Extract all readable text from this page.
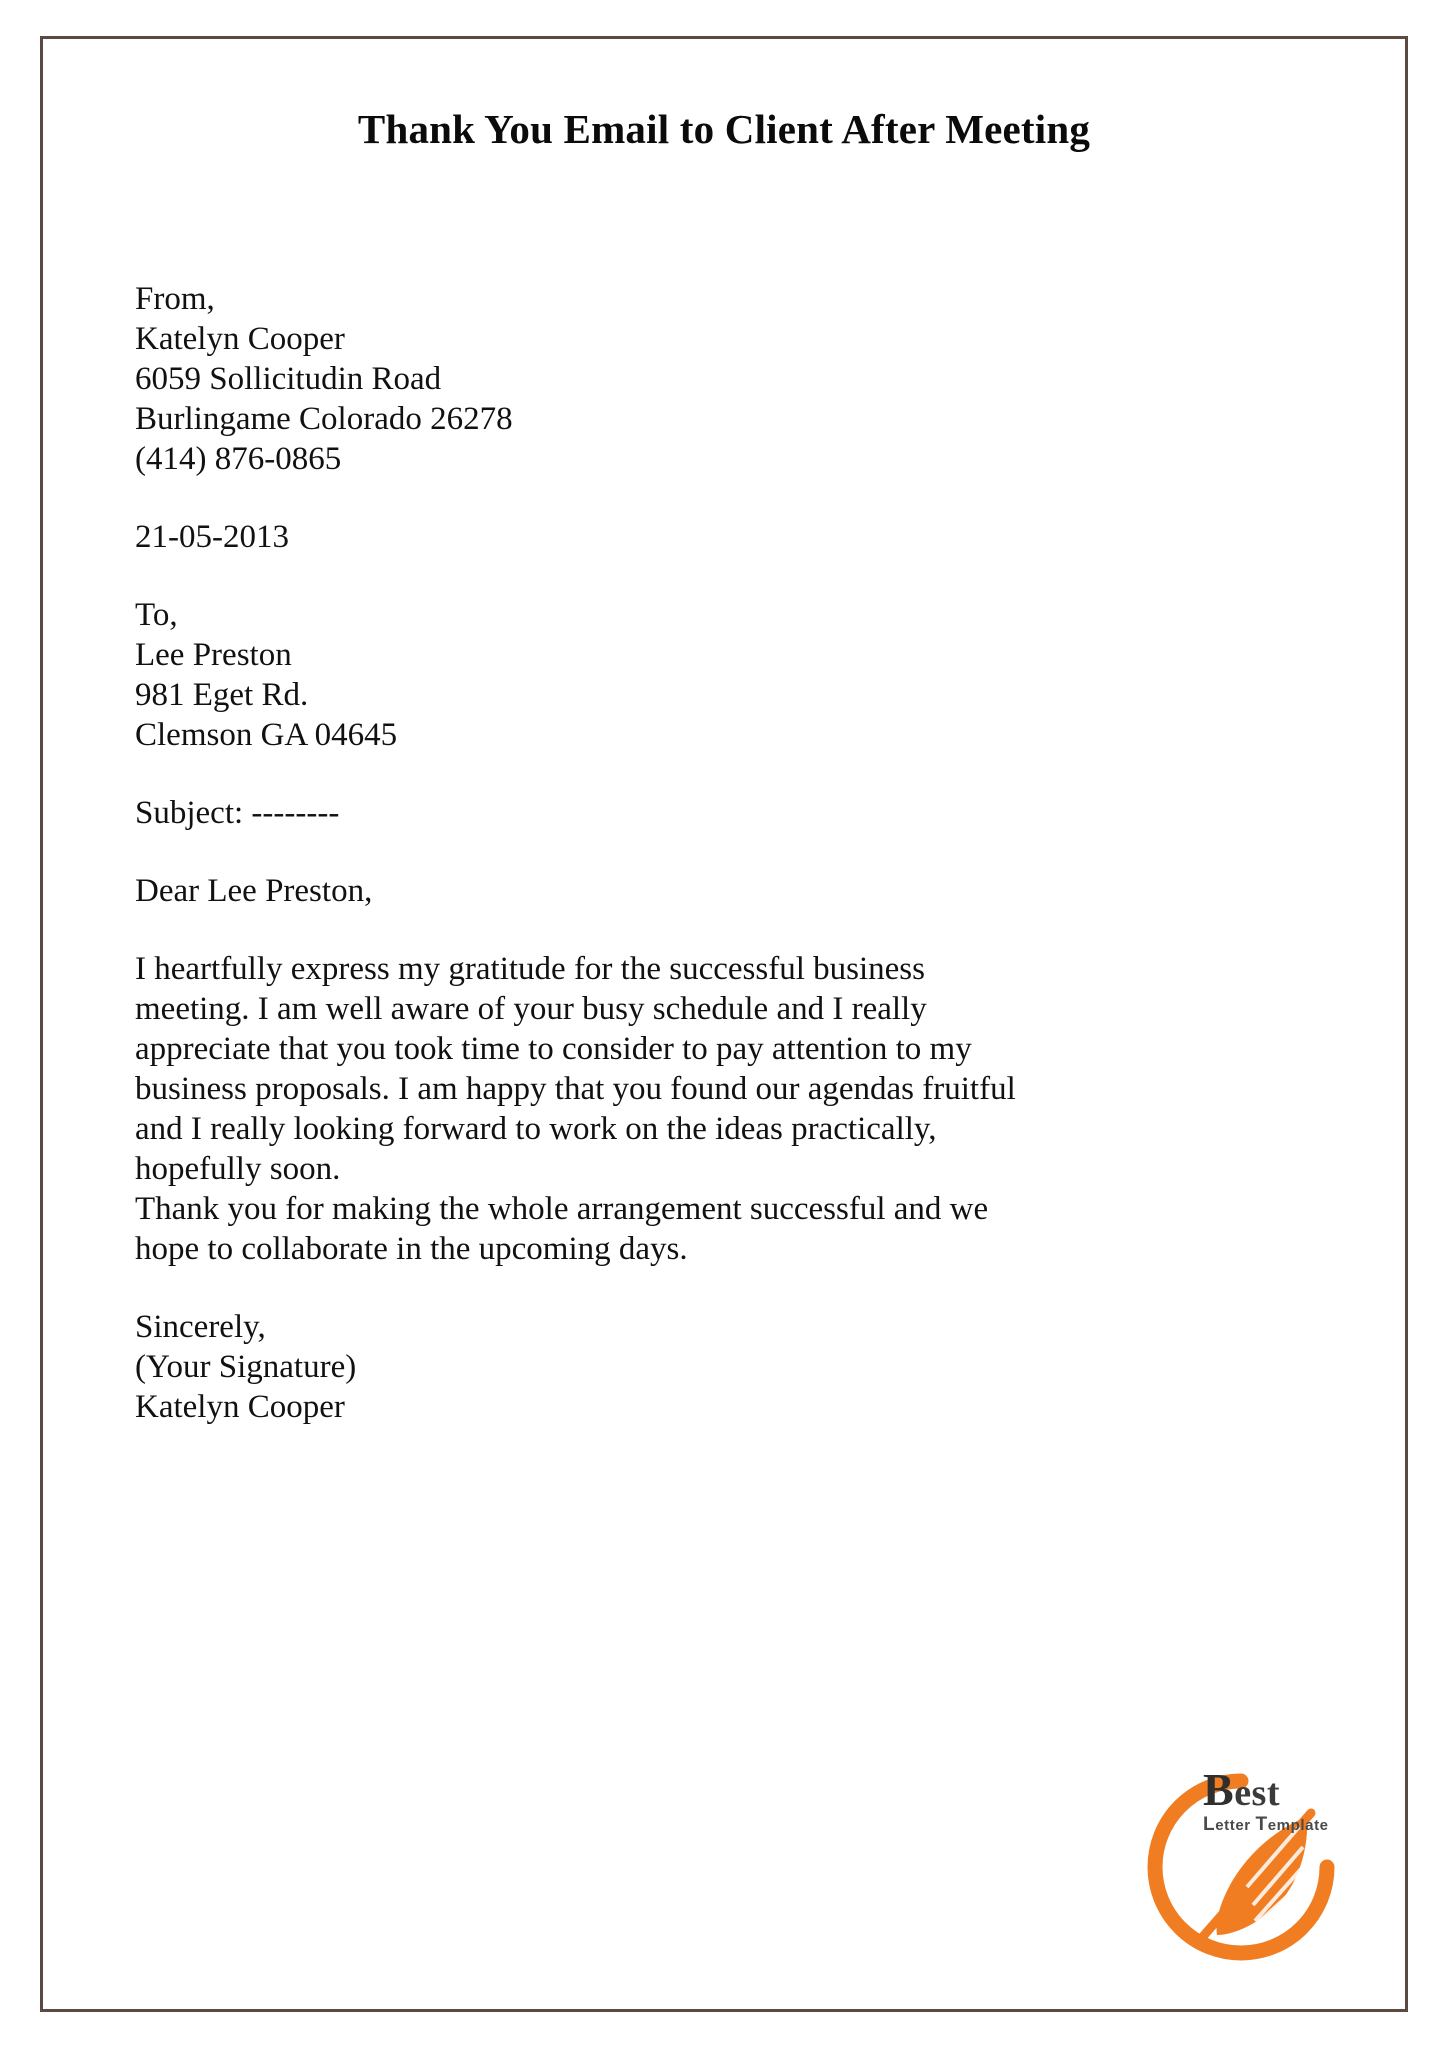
Thank You Email to Client After Meeting
From,
Katelyn Cooper
6059 Sollicitudin Road
Burlingame Colorado 26278
(414) 876-0865
21-05-2013
To,
Lee Preston
981 Eget Rd.
Clemson GA 04645
Subject: --------
Dear Lee Preston,
I heartfully express my gratitude for the successful business
meeting. I am well aware of your busy schedule and I really
appreciate that you took time to consider to pay attention to my
business proposals. I am happy that you found our agendas fruitful
and I really looking forward to work on the ideas practically,
hopefully soon.
Thank you for making the whole arrangement successful and we
hope to collaborate in the upcoming days.
Sincerely,
(Your Signature)
Katelyn Cooper
Best
Letter Template
